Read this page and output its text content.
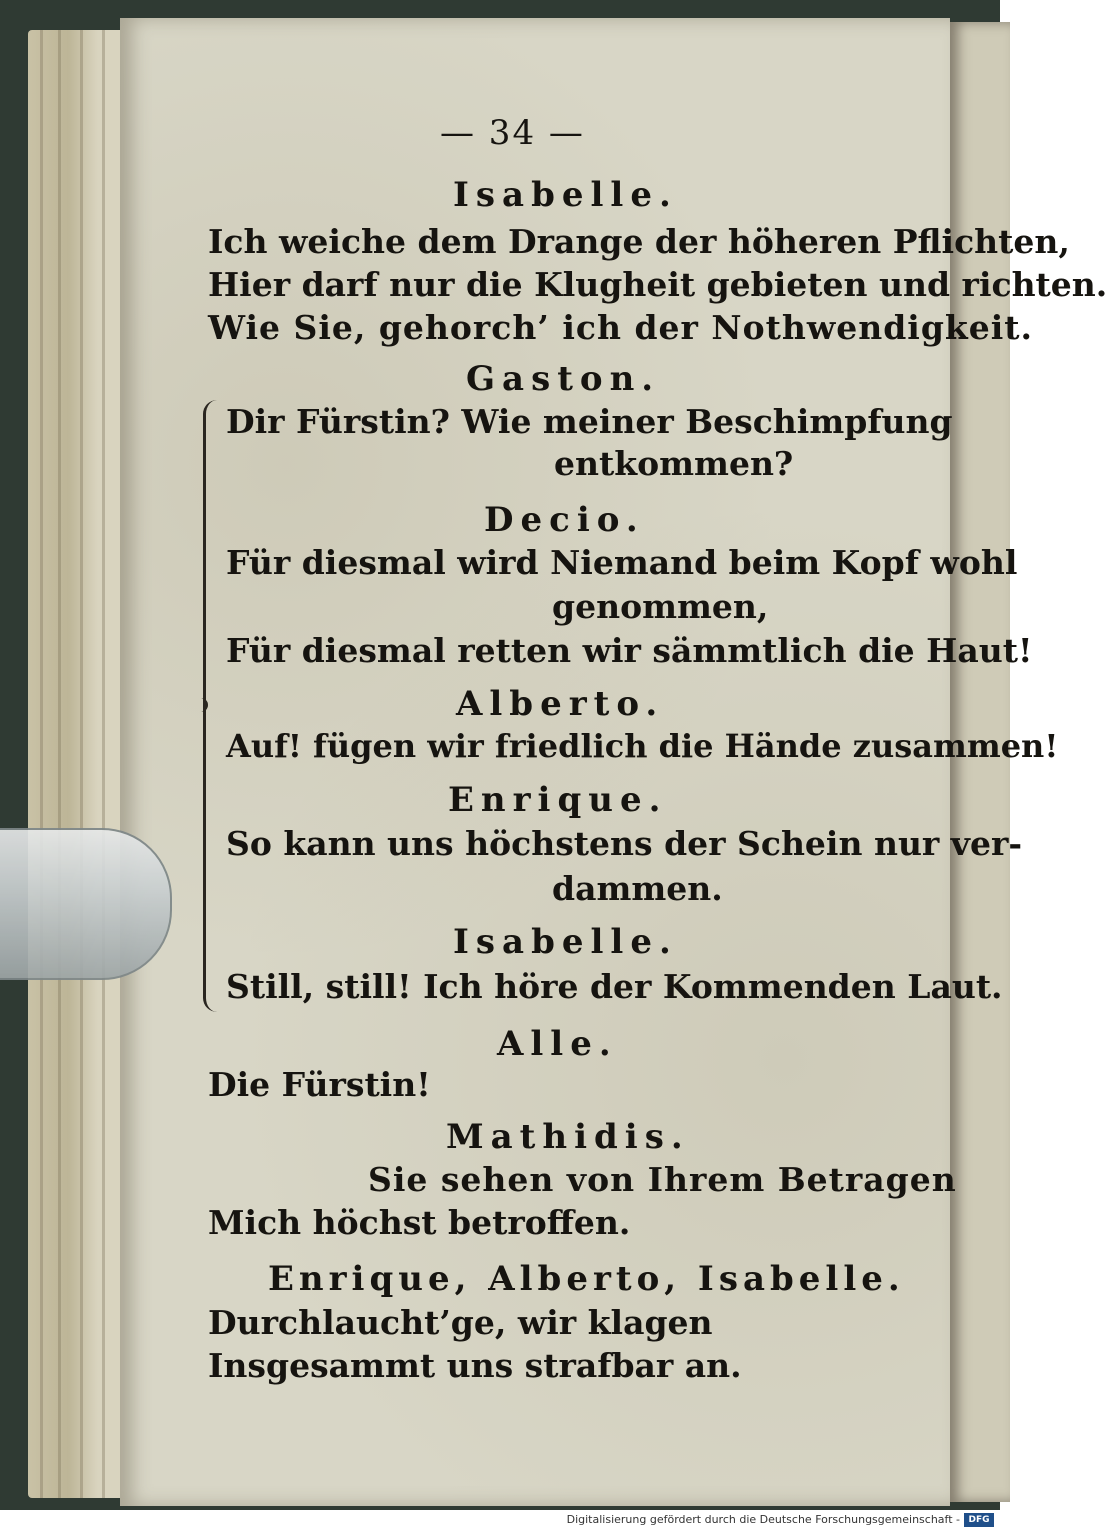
— 34 —
Isabelle.
Ich weiche dem Drange der höheren Pflichten,
Hier darf nur die Klugheit gebieten und richten.
Wie Sie, gehorch’ ich der Nothwendigkeit.
Gaston.
Dir Fürstin? Wie meiner Beschimpfung
entkommen?
Decio.
Für diesmal wird Niemand beim Kopf wohl
genommen,
Für diesmal retten wir sämmtlich die Haut!
Alberto.
Auf! fügen wir friedlich die Hände zusammen!
Enrique.
So kann uns höchstens der Schein nur ver-
dammen.
Isabelle.
Still, still! Ich höre der Kommenden Laut.
Alle.
Die Fürstin!
Mathidis.
Sie sehen von Ihrem Betragen
Mich höchst betroffen.
Enrique, Alberto, Isabelle.
Durchlaucht’ge, wir klagen
Insgesammt uns strafbar an.
Digitalisierung gefördert durch die Deutsche Forschungsgemeinschaft - DFG
